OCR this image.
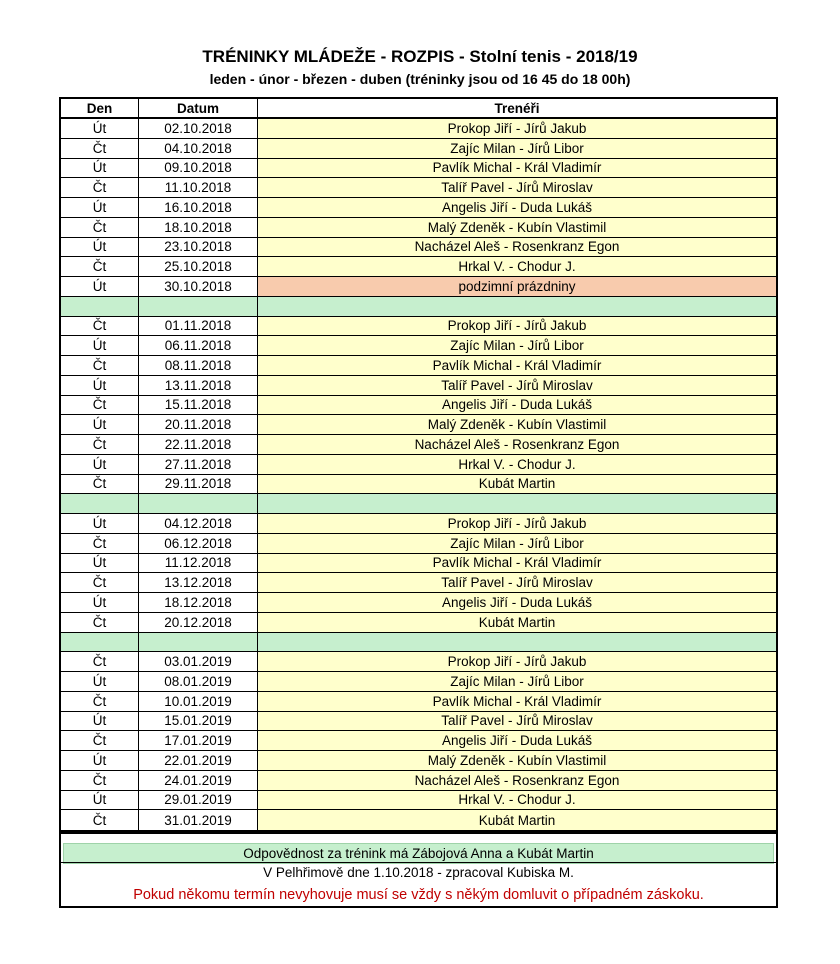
TRÉNINKY MLÁDEŽE - ROZPIS - Stolní tenis - 2018/19
leden - únor - březen - duben (tréninky jsou od 16 45 do 18 00h)
Den	Datum	Trenéři
Út	02.10.2018	Prokop Jiří - Jírů Jakub
Čt	04.10.2018	Zajíc Milan - Jírů Libor
Út	09.10.2018	Pavlík Michal - Král Vladimír
Čt	11.10.2018	Talíř Pavel - Jírů Miroslav
Út	16.10.2018	Angelis Jiří - Duda Lukáš
Čt	18.10.2018	Malý Zdeněk - Kubín Vlastimil
Út	23.10.2018	Nacházel Aleš - Rosenkranz Egon
Čt	25.10.2018	Hrkal V. - Chodur J.
Út	30.10.2018	podzimní prázdniny
Čt	01.11.2018	Prokop Jiří - Jírů Jakub
Út	06.11.2018	Zajíc Milan - Jírů Libor
Čt	08.11.2018	Pavlík Michal - Král Vladimír
Út	13.11.2018	Talíř Pavel - Jírů Miroslav
Čt	15.11.2018	Angelis Jiří - Duda Lukáš
Út	20.11.2018	Malý Zdeněk - Kubín Vlastimil
Čt	22.11.2018	Nacházel Aleš - Rosenkranz Egon
Út	27.11.2018	Hrkal V. - Chodur J.
Čt	29.11.2018	Kubát Martin
Út	04.12.2018	Prokop Jiří - Jírů Jakub
Čt	06.12.2018	Zajíc Milan - Jírů Libor
Út	11.12.2018	Pavlík Michal - Král Vladimír
Čt	13.12.2018	Talíř Pavel - Jírů Miroslav
Út	18.12.2018	Angelis Jiří - Duda Lukáš
Čt	20.12.2018	Kubát Martin
Čt	03.01.2019	Prokop Jiří - Jírů Jakub
Út	08.01.2019	Zajíc Milan - Jírů Libor
Čt	10.01.2019	Pavlík Michal - Král Vladimír
Út	15.01.2019	Talíř Pavel - Jírů Miroslav
Čt	17.01.2019	Angelis Jiří - Duda Lukáš
Út	22.01.2019	Malý Zdeněk - Kubín Vlastimil
Čt	24.01.2019	Nacházel Aleš - Rosenkranz Egon
Út	29.01.2019	Hrkal V. - Chodur J.
Čt	31.01.2019	Kubát Martin
Odpovědnost za trénink má Zábojová Anna a Kubát Martin
V Pelhřimově dne 1.10.2018 - zpracoval Kubiska M.
Pokud někomu termín nevyhovuje musí se vždy s někým domluvit o případném záskoku.
